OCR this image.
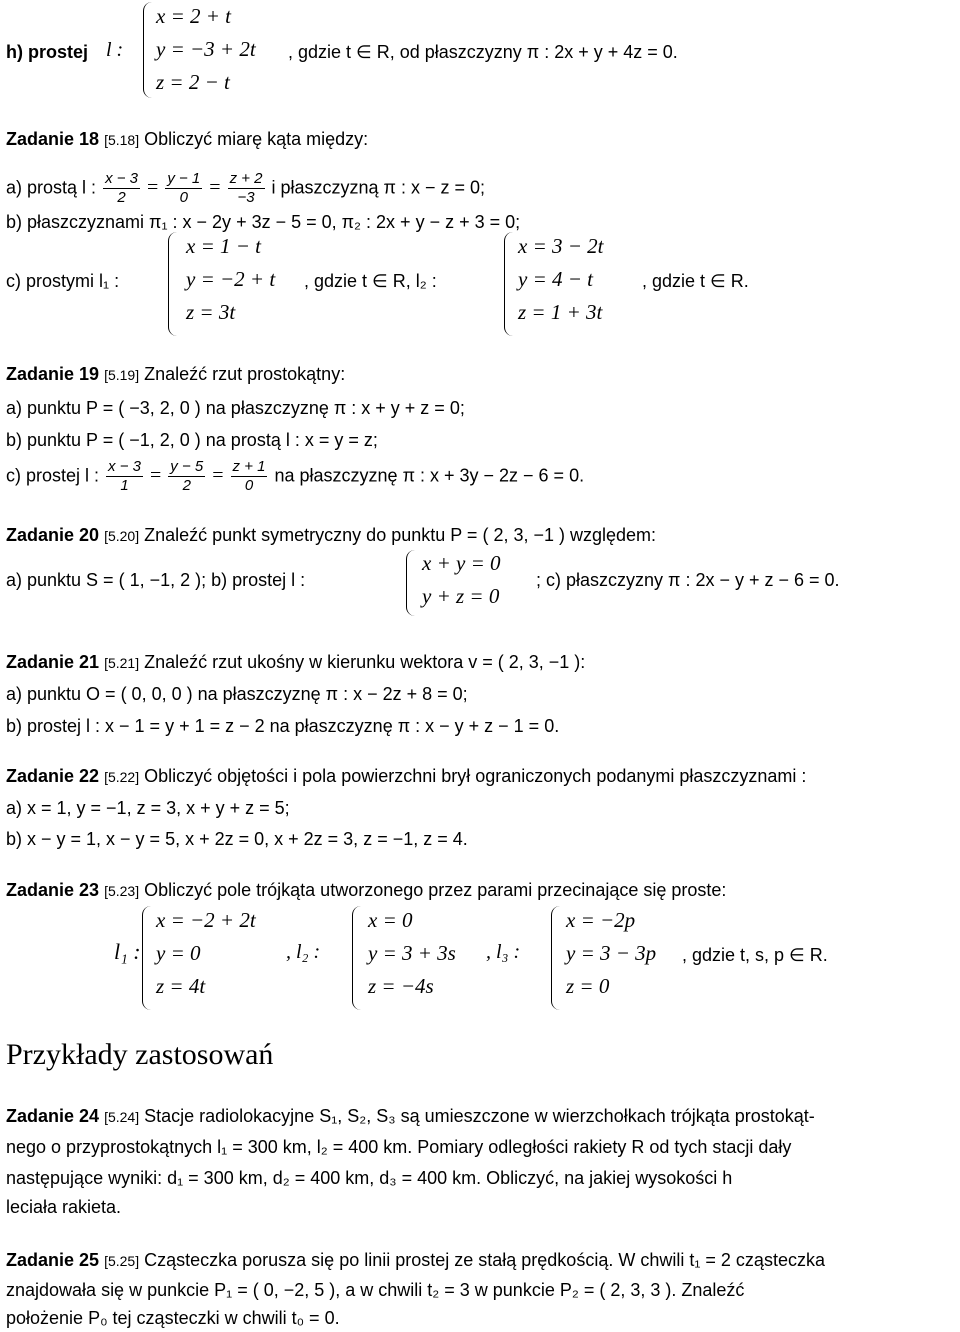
h) prostej l :
x = 2 + t
y = −3 + 2t
z = 2 − t
, gdzie t ∈ R, od płaszczyzny π : 2x + y + 4z = 0.
Zadanie 18 [5.18] Obliczyć miarę kąta między:
a) prostą l : $\frac{x - 3}{2} = \frac{y - 1}{0} = \frac{z + 2}{-3}$ i płaszczyzną π : x − z = 0;
b) płaszczyznami π₁ : x − 2y + 3z − 5 = 0, π₂ : 2x + y − z + 3 = 0;
c) prostymi l₁ :
x = 1 − t
y = −2 + t
z = 3t
, gdzie t ∈ R, l₂ :
x = 3 − 2t
y = 4 − t
z = 1 + 3t
, gdzie t ∈ R.
Zadanie 19 [5.19] Znaleźć rzut prostokątny:
a) punktu P = ( −3, 2, 0 ) na płaszczyznę π : x + y + z = 0;
b) punktu P = ( −1, 2, 0 ) na prostą l : x = y = z;
c) prostej l : $\frac{x - 3}{1} = \frac{y - 5}{2} = \frac{z + 1}{0}$ na płaszczyznę π : x + 3y − 2z − 6 = 0.
Zadanie 20 [5.20] Znaleźć punkt symetryczny do punktu P = ( 2, 3, −1 ) względem:
a) punktu S = ( 1, −1, 2 ); b) prostej l :
x + y = 0
y + z = 0
; c) płaszczyzny π : 2x − y + z − 6 = 0.
Zadanie 21 [5.21] Znaleźć rzut ukośny w kierunku wektora v = ( 2, 3, −1 ):
a) punktu O = ( 0, 0, 0 ) na płaszczyznę π : x − 2z + 8 = 0;
b) prostej l : x − 1 = y + 1 = z − 2 na płaszczyznę π : x − y + z − 1 = 0.
Zadanie 22 [5.22] Obliczyć objętości i pola powierzchni brył ograniczonych podanymi płaszczyznami :
a) x = 1, y = −1, z = 3, x + y + z = 5;
b) x − y = 1, x − y = 5, x + 2z = 0, x + 2z = 3, z = −1, z = 4.
Zadanie 23 [5.23] Obliczyć pole trójkąta utworzonego przez parami przecinające się proste:
l₁ :
x = −2 + 2t
y = 0
z = 4t
, l₂ :
x = 0
y = 3 + 3s
z = −4s
, l₃ :
x = −2p
y = 3 − 3p
z = 0
, gdzie t, s, p ∈ R.
Przykłady zastosowań
Zadanie 24 [5.24] Stacje radiolokacyjne S₁, S₂, S₃ są umieszczone w wierzchołkach trójkąta prostokąt-
nego o przyprostokątnych l₁ = 300 km, l₂ = 400 km. Pomiary odległości rakiety R od tych stacji dały
następujące wyniki: d₁ = 300 km, d₂ = 400 km, d₃ = 400 km. Obliczyć, na jakiej wysokości h
leciała rakieta.
Zadanie 25 [5.25] Cząsteczka porusza się po linii prostej ze stałą prędkością. W chwili t₁ = 2 cząsteczka
znajdowała się w punkcie P₁ = ( 0, −2, 5 ), a w chwili t₂ = 3 w punkcie P₂ = ( 2, 3, 3 ). Znaleźć
położenie P₀ tej cząsteczki w chwili t₀ = 0.
